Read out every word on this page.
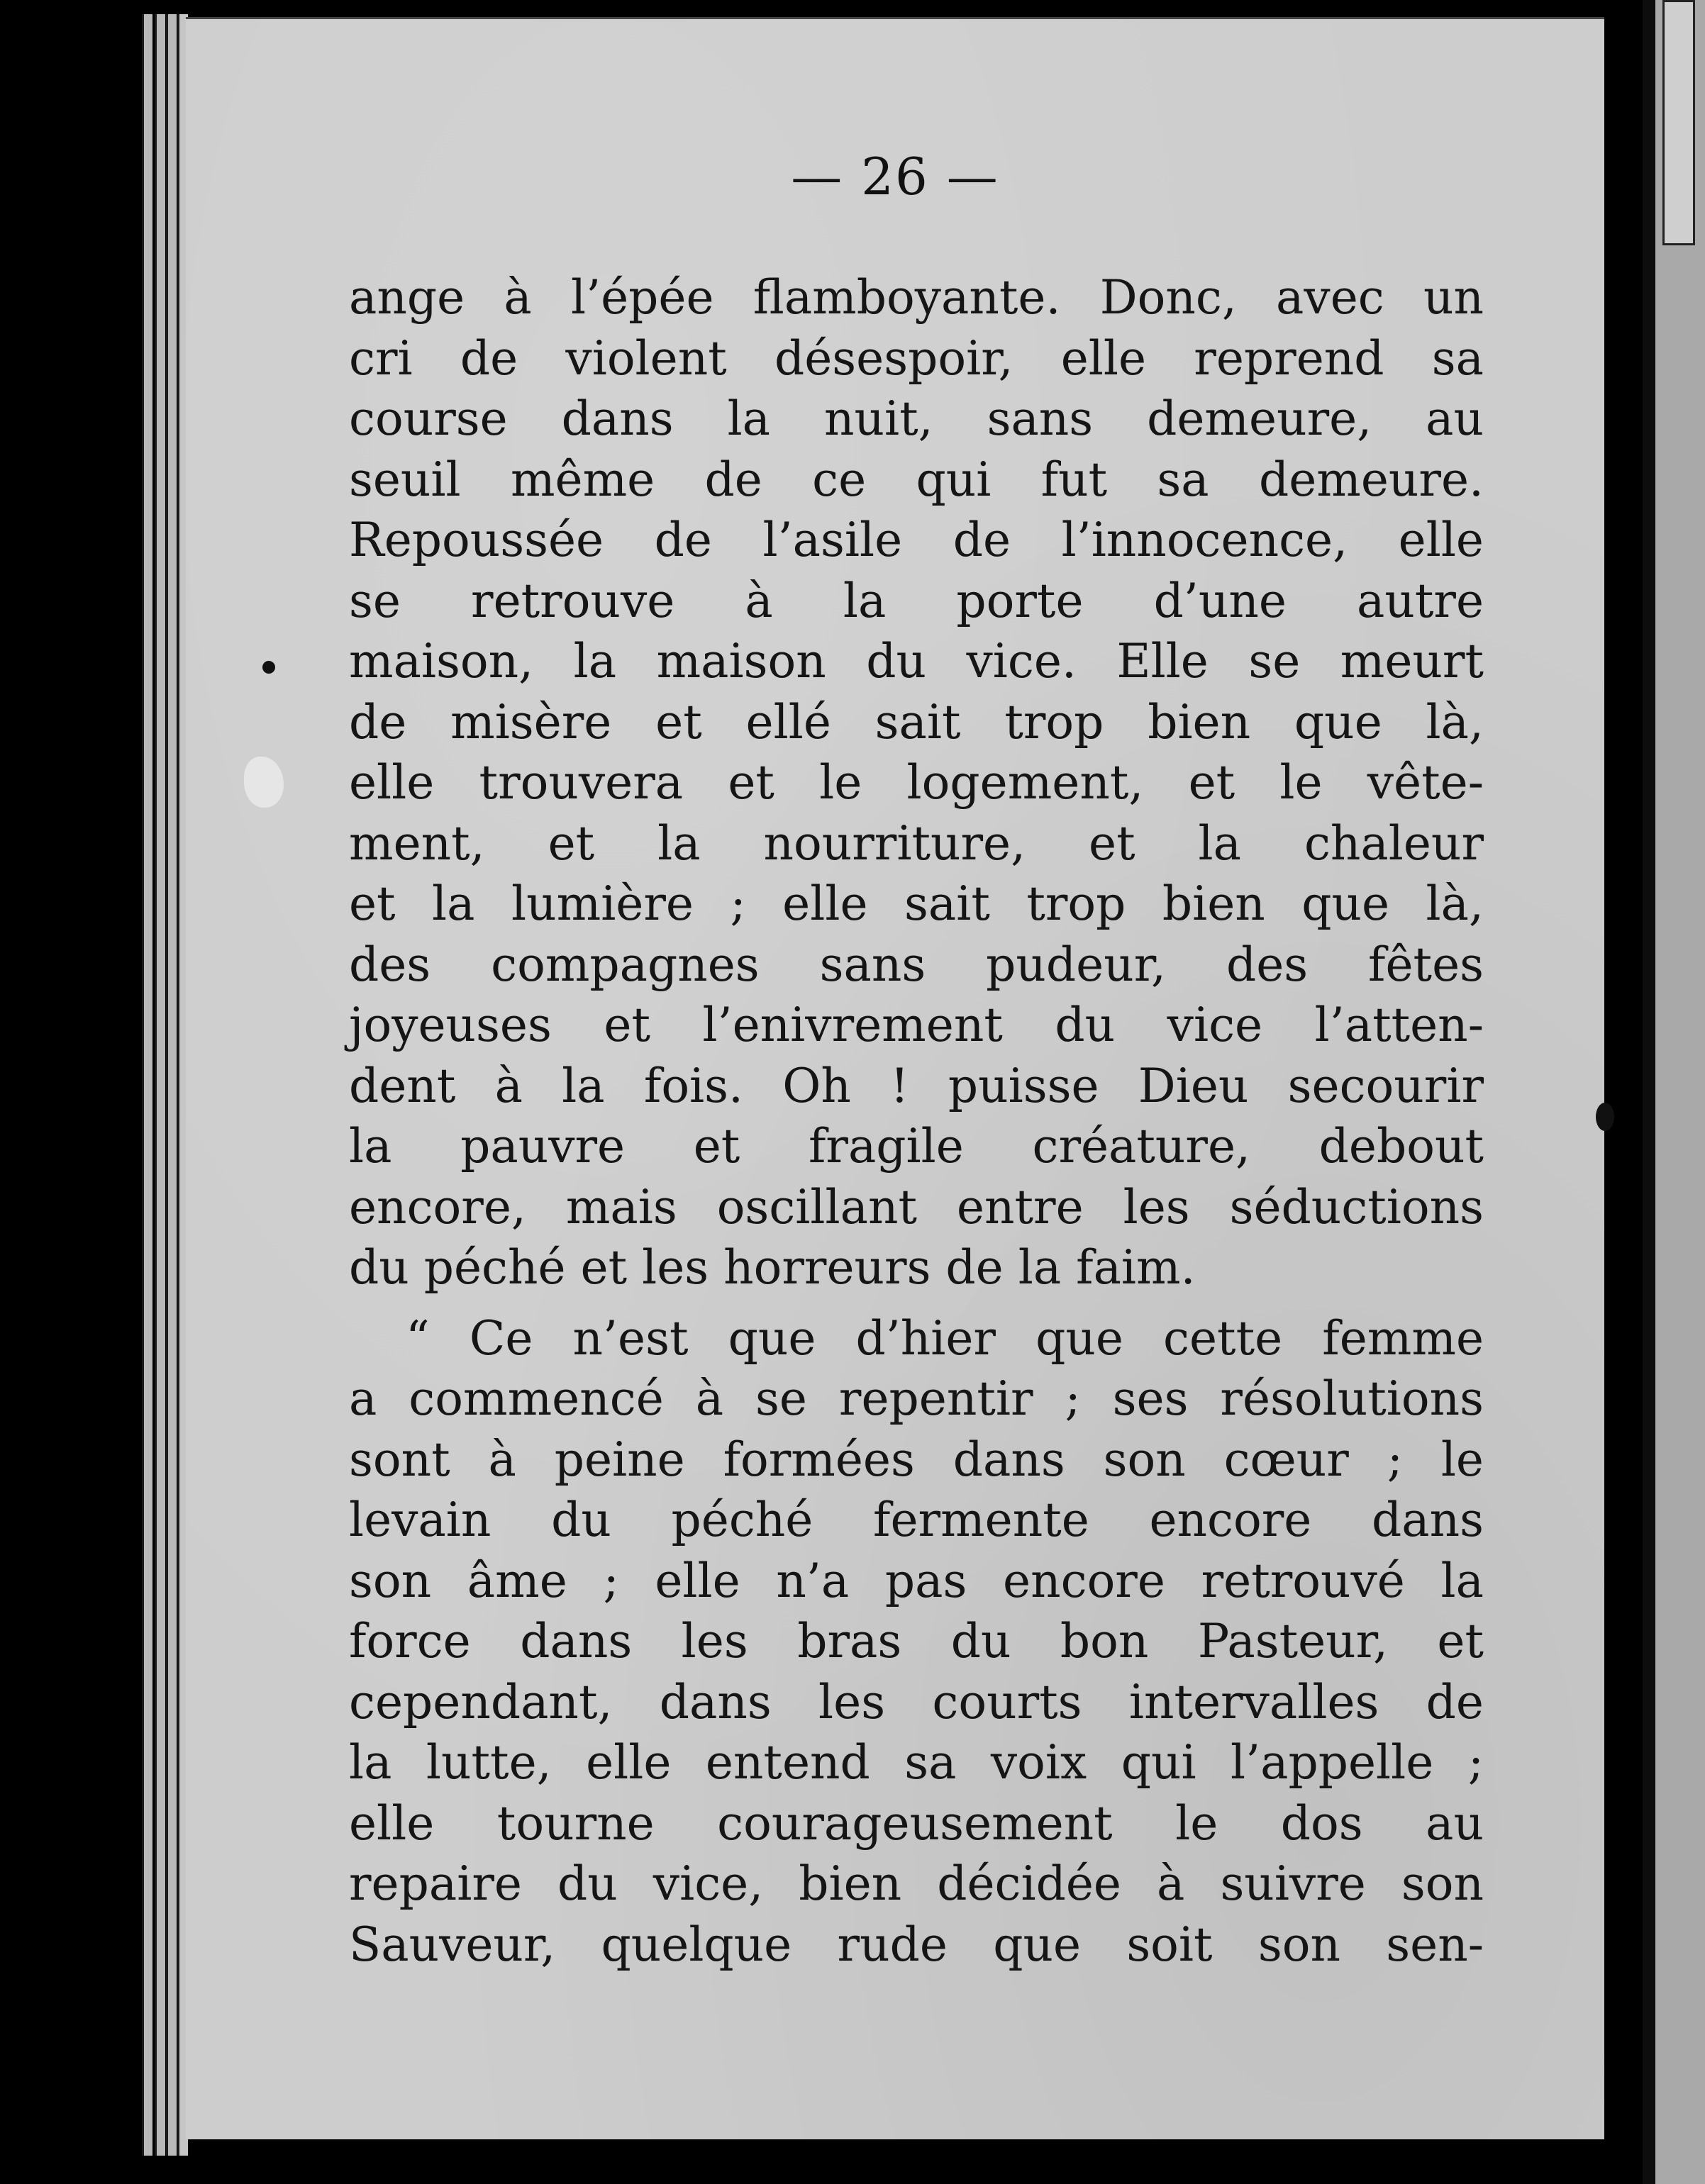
— 26 —
ange à l’épée flamboyante. Donc, avec un
cri de violent désespoir, elle reprend sa
course dans la nuit, sans demeure, au
seuil même de ce qui fut sa demeure.
Repoussée de l’asile de l’innocence, elle
se retrouve à la porte d’une autre
maison, la maison du vice. Elle se meurt
de misère et ellé sait trop bien que là,
elle trouvera et le logement, et le vête-
ment, et la nourriture, et la chaleur
et la lumière ; elle sait trop bien que là,
des compagnes sans pudeur, des fêtes
joyeuses et l’enivrement du vice l’atten-
dent à la fois. Oh ! puisse Dieu secourir
la pauvre et fragile créature, debout
encore, mais oscillant entre les séductions
du péché et les horreurs de la faim.
“ Ce n’est que d’hier que cette femme
a commencé à se repentir ; ses résolutions
sont à peine formées dans son cœur ; le
levain du péché fermente encore dans
son âme ; elle n’a pas encore retrouvé la
force dans les bras du bon Pasteur, et
cependant, dans les courts intervalles de
la lutte, elle entend sa voix qui l’appelle ;
elle tourne courageusement le dos au
repaire du vice, bien décidée à suivre son
Sauveur, quelque rude que soit son sen-
